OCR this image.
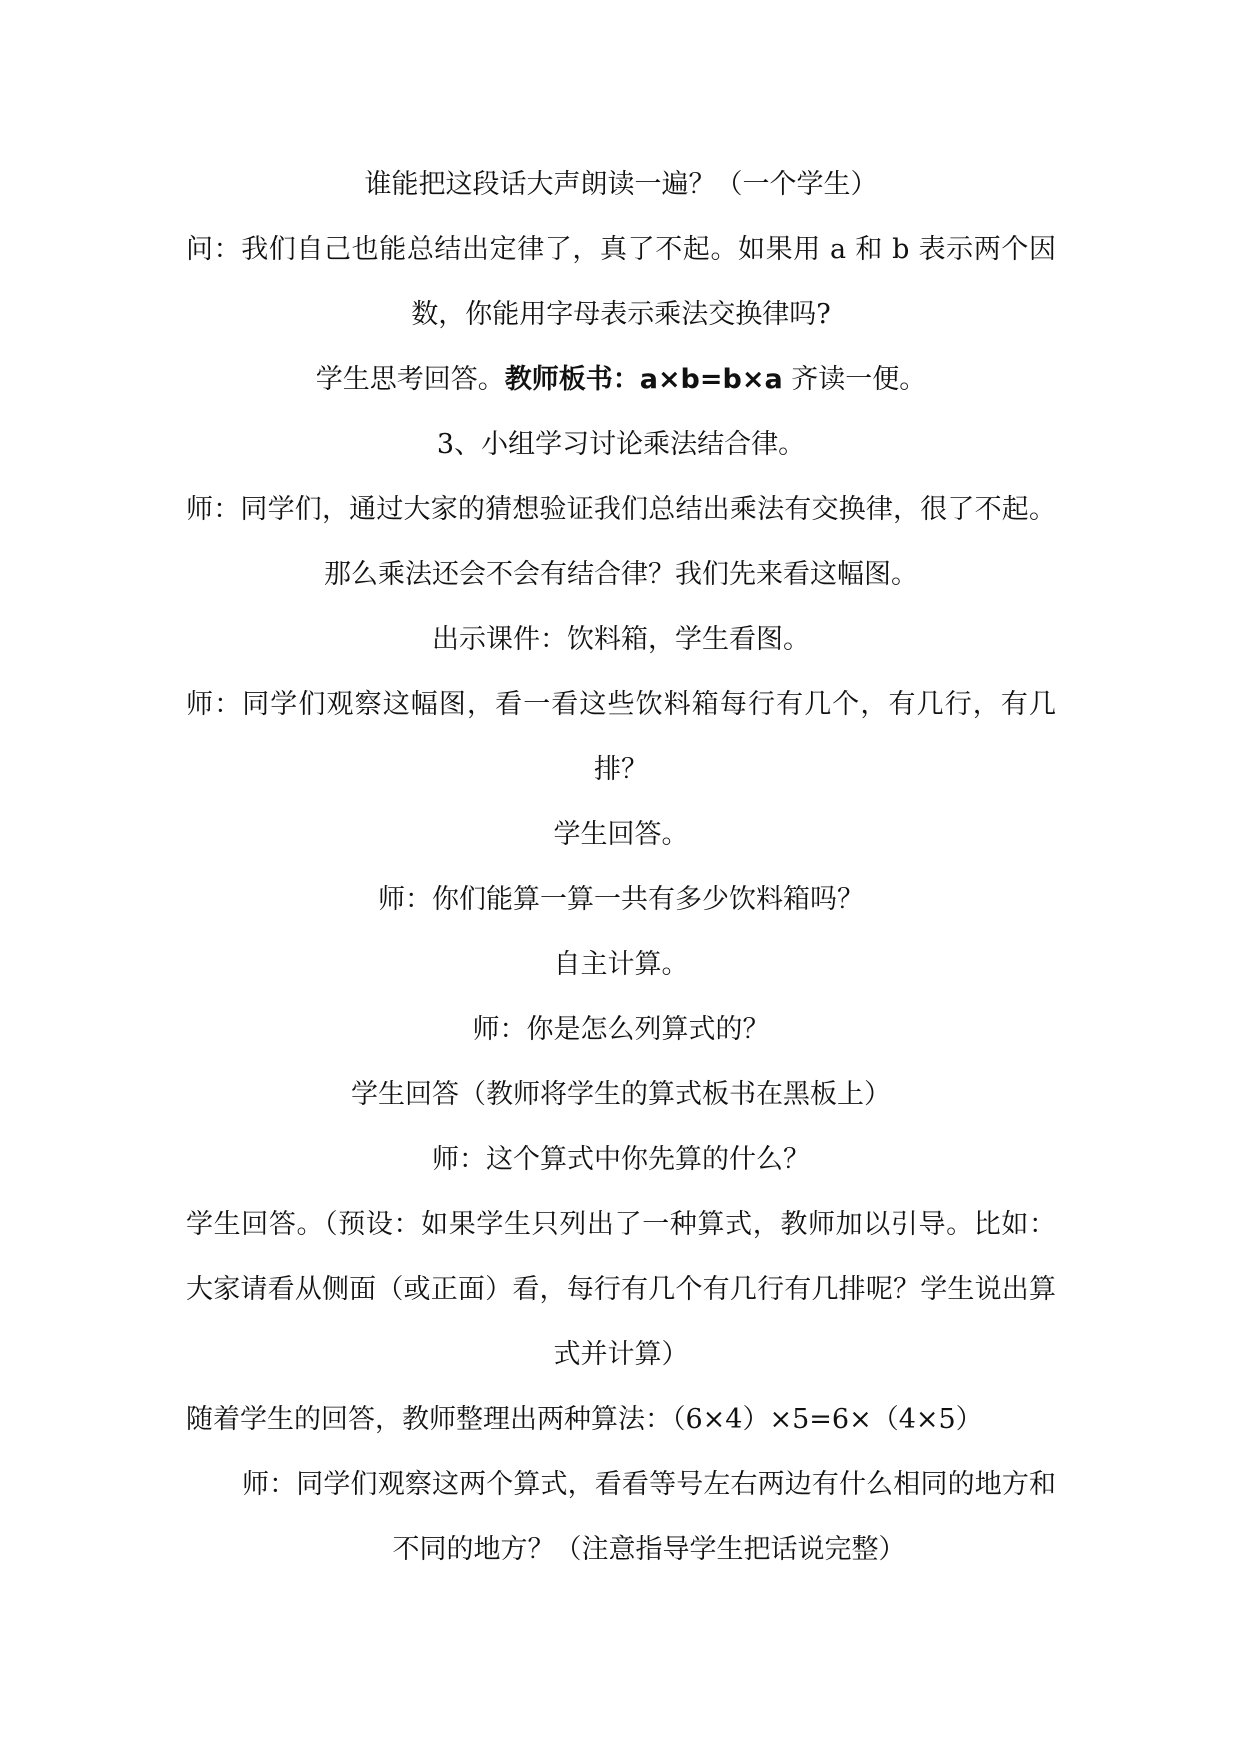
谁能把这段话大声朗读一遍？（一个学生）

问：我们自己也能总结出定律了，真了不起。如果用 a 和 b 表示两个因数，你能用字母表示乘法交换律吗?

学生思考回答。教师板书：a×b=b×a 齐读一便。

3、小组学习讨论乘法结合律。

师：同学们，通过大家的猜想验证我们总结出乘法有交换律，很了不起。那么乘法还会不会有结合律？我们先来看这幅图。

出示课件：饮料箱，学生看图。

师：同学们观察这幅图，看一看这些饮料箱每行有几个，有几行，有几排？

学生回答。

师：你们能算一算一共有多少饮料箱吗？

自主计算。

师：你是怎么列算式的？

学生回答（教师将学生的算式板书在黑板上）

师：这个算式中你先算的什么？

学生回答。（预设：如果学生只列出了一种算式，教师加以引导。比如：大家请看从侧面（或正面）看，每行有几个有几行有几排呢？学生说出算式并计算）

随着学生的回答，教师整理出两种算法：（6×4）×5=6×（4×5）

师：同学们观察这两个算式，看看等号左右两边有什么相同的地方和不同的地方？（注意指导学生把话说完整）
